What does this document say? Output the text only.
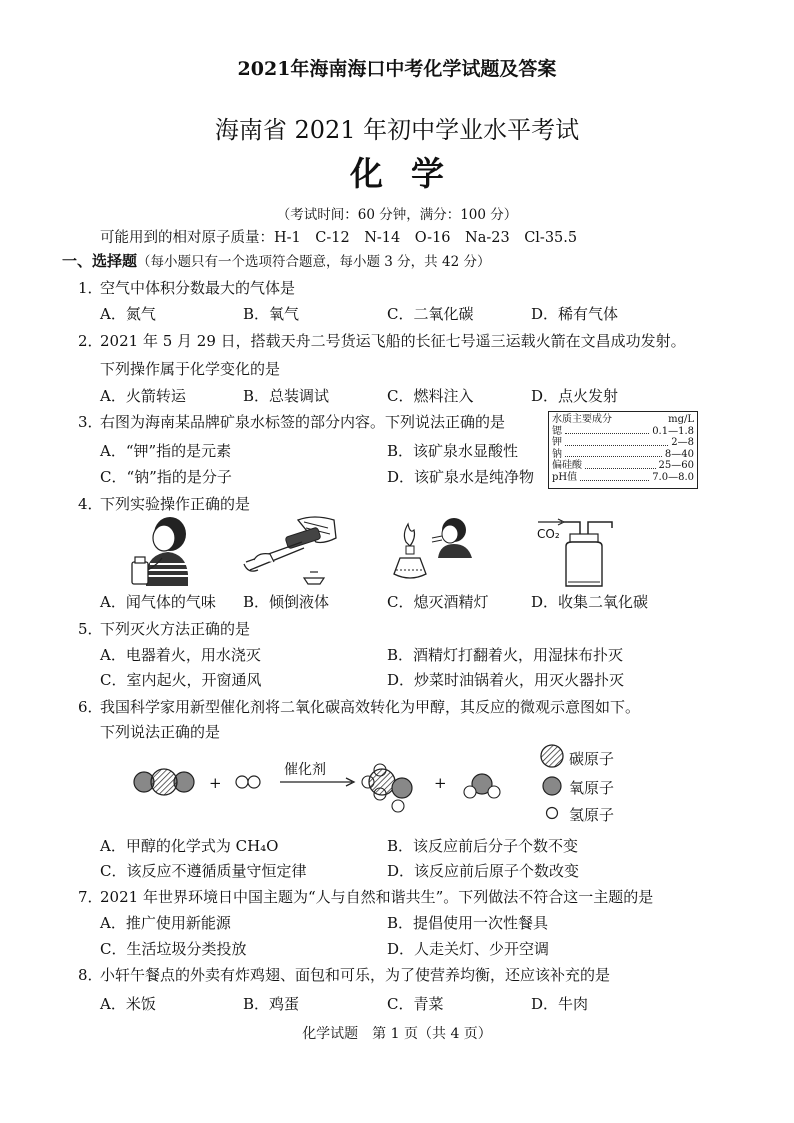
2021年海南海口中考化学试题及答案
海南省 2021 年初中学业水平考试
化学
（考试时间：60 分钟，满分：100 分）
可能用到的相对原子质量：H-1　C-12　N-14　O-16　Na-23　Cl-35.5
一、选择题（每小题只有一个选项符合题意，每小题 3 分，共 42 分）
1．
空气中体积分数最大的气体是
A．氮气	B．氧气	C．二氧化碳	D．稀有气体
2．
2021 年 5 月 29 日，搭载天舟二号货运飞船的长征七号遥三运载火箭在文昌成功发射。
下列操作属于化学变化的是
A．火箭转运	B．总装调试	C．燃料注入	D．点火发射
3．
右图为海南某品牌矿泉水标签的部分内容。下列说法正确的是
A．“钾”指的是元素	B．该矿泉水显酸性
C．“钠”指的是分子	D．该矿泉水是纯净物
水质主要成分	mg/L
锶	0.1—1.8
钾	2—8
钠	8—40
偏硅酸	25—60
pH值	7.0—8.0
4．
下列实验操作正确的是
CO₂
A．闻气体的气味 B．倾倒液体	C．熄灭酒精灯	D．收集二氧化碳
5．
下列灭火方法正确的是
A．电器着火，用水浇灭	B．酒精灯打翻着火，用湿抹布扑灭
C．室内起火，开窗通风	D．炒菜时油锅着火，用灭火器扑灭
6．
我国科学家用新型催化剂将二氧化碳高效转化为甲醇，其反应的微观示意图如下。
下列说法正确的是
+	+
催化剂
碳原子
氧原子
氢原子
A．甲醇的化学式为 CH₄O	B．该反应前后分子个数不变
C．该反应不遵循质量守恒定律	D．该反应前后原子个数改变
7．
2021 年世界环境日中国主题为“人与自然和谐共生”。下列做法不符合这一主题的是
A．推广使用新能源	B．提倡使用一次性餐具
C．生活垃圾分类投放	D．人走关灯、少开空调
8．
小轩午餐点的外卖有炸鸡翅、面包和可乐，为了使营养均衡，还应该补充的是
A．米饭	B．鸡蛋	C．青菜	D．牛肉
化学试题　第 1 页（共 4 页）
